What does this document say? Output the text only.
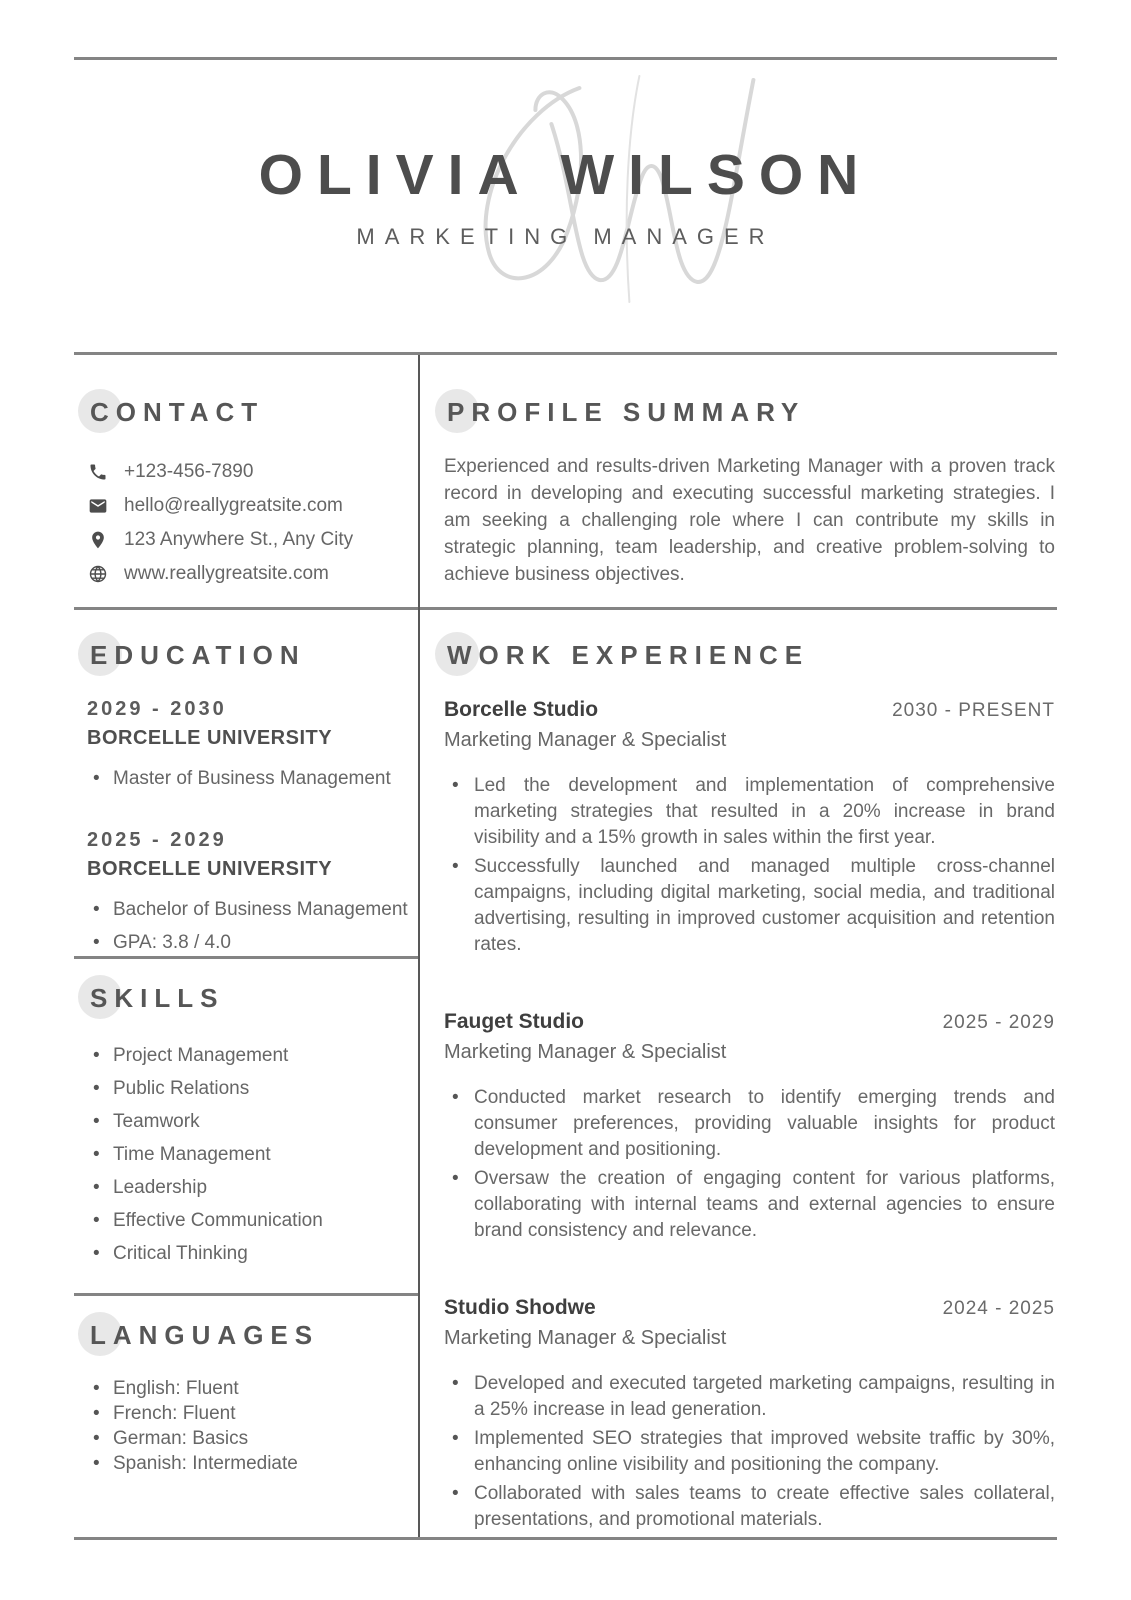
OLIVIA WILSON
MARKETING MANAGER
CONTACT
+123-456-7890
hello@reallygreatsite.com
123 Anywhere St., Any City
www.reallygreatsite.com
EDUCATION
2029 - 2030
BORCELLE UNIVERSITY
• Master of Business Management
2025 - 2029
BORCELLE UNIVERSITY
• Bachelor of Business Management
• GPA: 3.8 / 4.0
SKILLS
• Project Management
• Public Relations
• Teamwork
• Time Management
• Leadership
• Effective Communication
• Critical Thinking
LANGUAGES
• English: Fluent
• French: Fluent
• German: Basics
• Spanish: Intermediate
PROFILE SUMMARY

Experienced and results-driven Marketing Manager with a proven track record in developing and executing successful marketing strategies. I am seeking a challenging role where I can contribute my skills in strategic planning, team leadership, and creative problem-solving to achieve business objectives.

WORK EXPERIENCE
Borcelle Studio	2030 - PRESENT
Marketing Manager & Specialist
• Led the development and implementation of comprehensive marketing strategies that resulted in a 20% increase in brand visibility and a 15% growth in sales within the first year.
• Successfully launched and managed multiple cross-channel campaigns, including digital marketing, social media, and traditional advertising, resulting in improved customer acquisition and retention rates.
Fauget Studio	2025 - 2029
Marketing Manager & Specialist
• Conducted market research to identify emerging trends and consumer preferences, providing valuable insights for product development and positioning.
• Oversaw the creation of engaging content for various platforms, collaborating with internal teams and external agencies to ensure brand consistency and relevance.
Studio Shodwe	2024 - 2025
Marketing Manager & Specialist
• Developed and executed targeted marketing campaigns, resulting in a 25% increase in lead generation.
• Implemented SEO strategies that improved website traffic by 30%, enhancing online visibility and positioning the company.
• Collaborated with sales teams to create effective sales collateral, presentations, and promotional materials.
